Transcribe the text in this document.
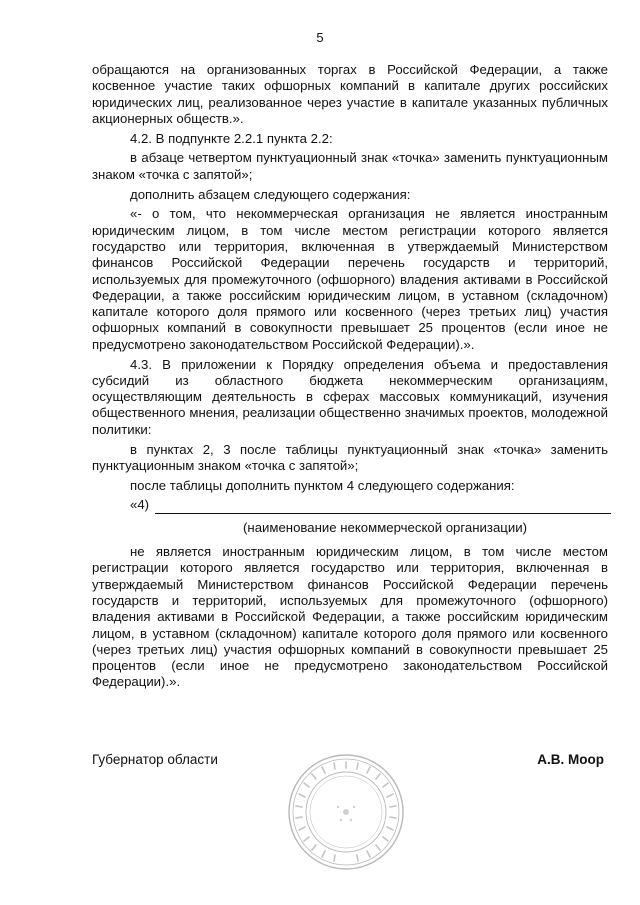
5

обращаются на организованных торгах в Российской Федерации, а также косвенное участие таких офшорных компаний в капитале других российских юридических лиц, реализованное через участие в капитале указанных публичных акционерных обществ.».

4.2. В подпункте 2.2.1 пункта 2.2:

в абзаце четвертом пунктуационный знак «точка» заменить пунктуационным знаком «точка с запятой»;

дополнить абзацем следующего содержания:

«- о том, что некоммерческая организация не является иностранным юридическим лицом, в том числе местом регистрации которого является государство или территория, включенная в утверждаемый Министерством финансов Российской Федерации перечень государств и территорий, используемых для промежуточного (офшорного) владения активами в Российской Федерации, а также российским юридическим лицом, в уставном (складочном) капитале которого доля прямого или косвенного (через третьих лиц) участия офшорных компаний в совокупности превышает 25 процентов (если иное не предусмотрено законодательством Российской Федерации).».

4.3. В приложении к Порядку определения объема и предоставления субсидий из областного бюджета некоммерческим организациям, осуществляющим деятельность в сферах массовых коммуникаций, изучения общественного мнения, реализации общественно значимых проектов, молодежной политики:

в пунктах 2, 3 после таблицы пунктуационный знак «точка» заменить пунктуационным знаком «точка с запятой»;

после таблицы дополнить пунктом 4 следующего содержания:

«4)
(наименование некоммерческой организации)

не является иностранным юридическим лицом, в том числе местом регистрации которого является государство или территория, включенная в утверждаемый Министерством финансов Российской Федерации перечень государств и территорий, используемых для промежуточного (офшорного) владения активами в Российской Федерации, а также российским юридическим лицом, в уставном (складочном) капитале которого доля прямого или косвенного (через третьих лиц) участия офшорных компаний в совокупности превышает 25 процентов (если иное не предусмотрено законодательством Российской Федерации).».

Губернатор области	А.В. Моор
